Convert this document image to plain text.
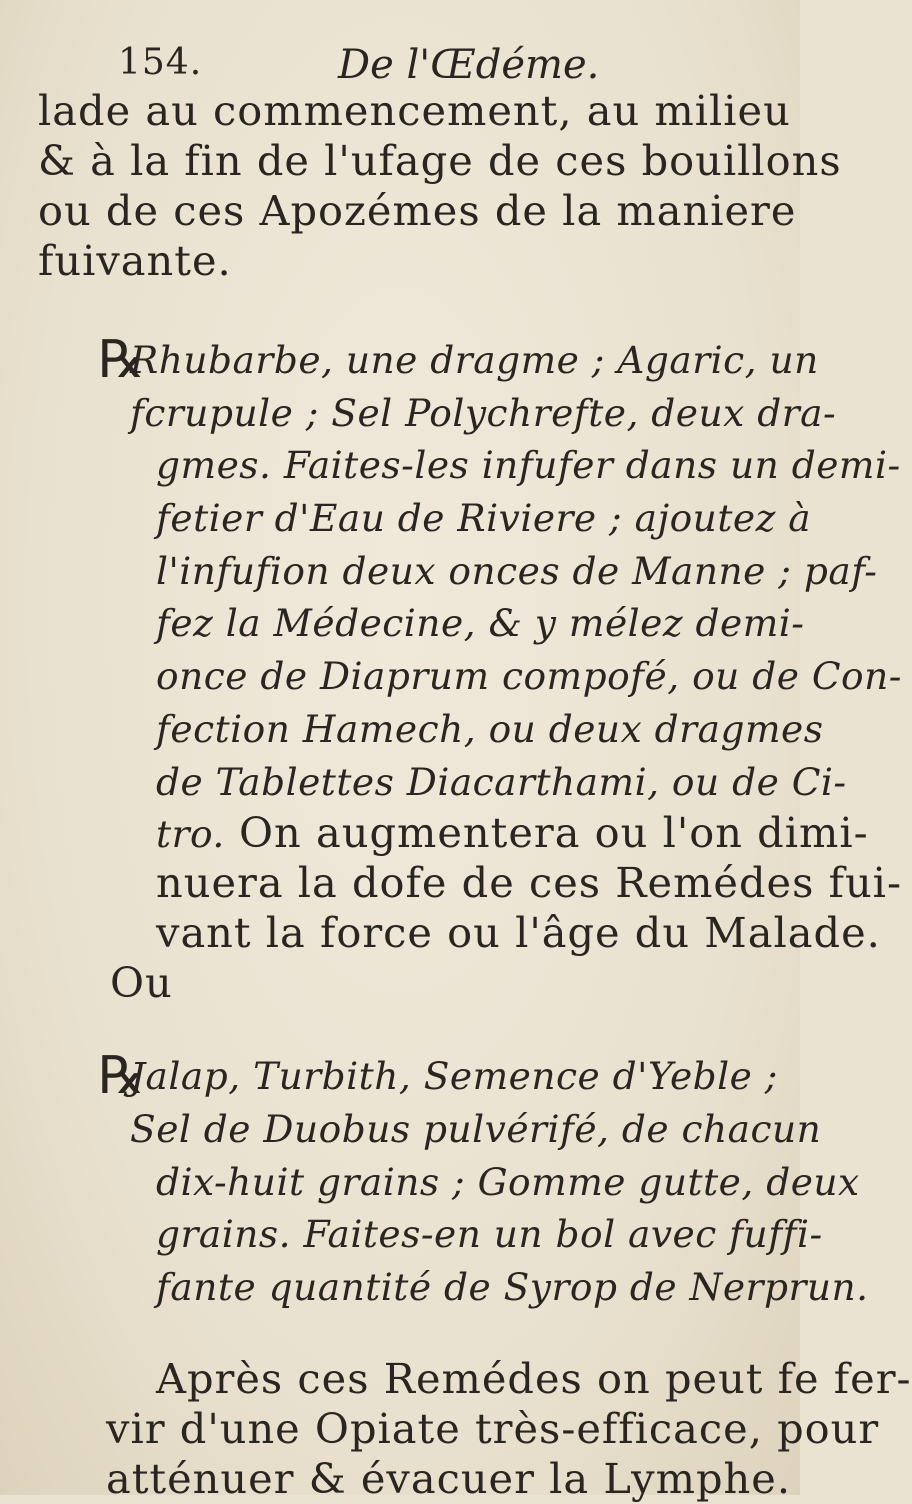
154.	De l'Œdéme.
lade au commencement, au milieu
& à la fin de l'ufage de ces bouillons
ou de ces Apozémes de la maniere
fuivante.
℞
Rhubarbe, une dragme ; Agaric, un
fcrupule ; Sel Polychrefte, deux dra-
gmes. Faites-les infufer dans un demi-
fetier d'Eau de Riviere ; ajoutez à
l'infufion deux onces de Manne ; paf-
fez la Médecine, & y mélez demi-
once de Diaprum compofé, ou de Con-
fection Hamech, ou deux dragmes
de Tablettes Diacarthami, ou de Ci-
tro. On augmentera ou l'on dimi-
nuera la dofe de ces Remédes fui-
vant la force ou l'âge du Malade.
Ou
℞
Jalap, Turbith, Semence d'Yeble ;
Sel de Duobus pulvérifé, de chacun
dix-huit grains ; Gomme gutte, deux
grains. Faites-en un bol avec fuffi-
fante quantité de Syrop de Nerprun.
Après ces Remédes on peut fe fer-
vir d'une Opiate très-efficace, pour
atténuer & évacuer la Lymphe.
